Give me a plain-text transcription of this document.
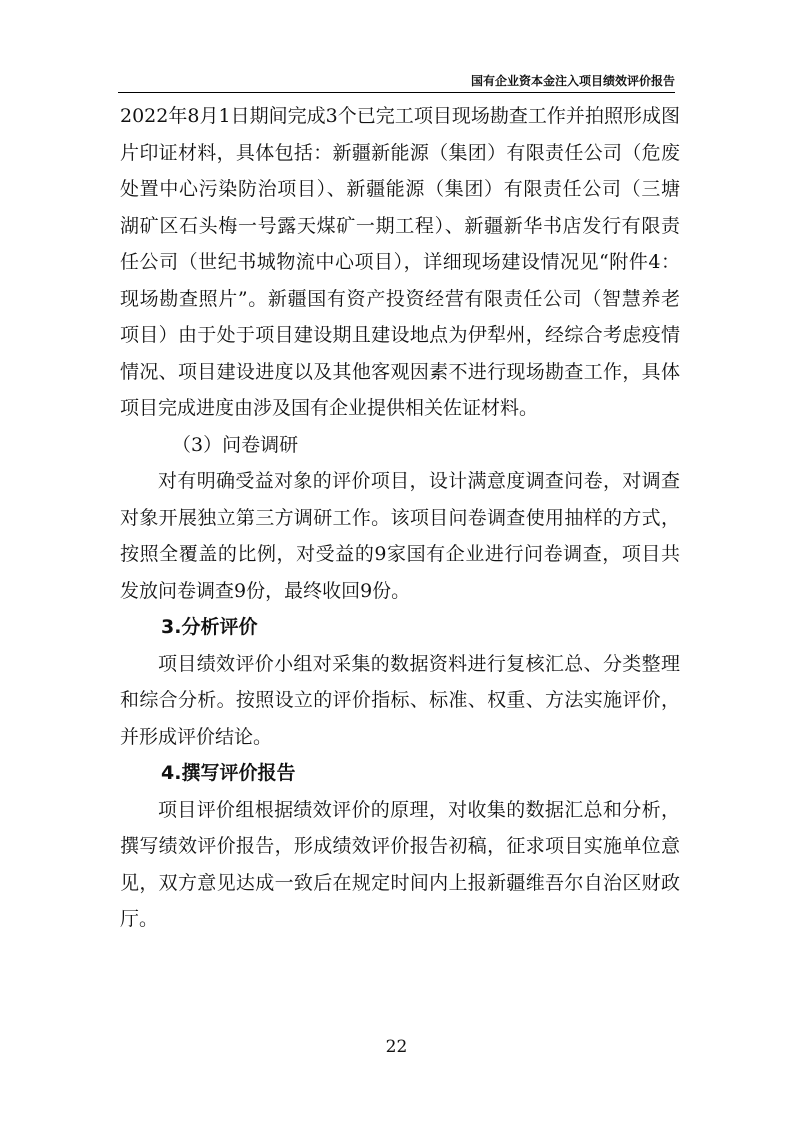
国有企业资本金注入项目绩效评价报告

2022年8月1日期间完成3个已完工项目现场勘查工作并拍照形成图片印证材料，具体包括：新疆新能源（集团）有限责任公司（危废处置中心污染防治项目）、新疆能源（集团）有限责任公司（三塘湖矿区石头梅一号露天煤矿一期工程）、新疆新华书店发行有限责任公司（世纪书城物流中心项目），详细现场建设情况见“附件4：现场勘查照片”。新疆国有资产投资经营有限责任公司（智慧养老项目）由于处于项目建设期且建设地点为伊犁州，经综合考虑疫情情况、项目建设进度以及其他客观因素不进行现场勘查工作，具体项目完成进度由涉及国有企业提供相关佐证材料。

（3）问卷调研

对有明确受益对象的评价项目，设计满意度调查问卷，对调查对象开展独立第三方调研工作。该项目问卷调查使用抽样的方式，按照全覆盖的比例，对受益的9家国有企业进行问卷调查，项目共发放问卷调查9份，最终收回9份。

3.分析评价

项目绩效评价小组对采集的数据资料进行复核汇总、分类整理和综合分析。按照设立的评价指标、标准、权重、方法实施评价，并形成评价结论。

4.撰写评价报告

项目评价组根据绩效评价的原理，对收集的数据汇总和分析，撰写绩效评价报告，形成绩效评价报告初稿，征求项目实施单位意见，双方意见达成一致后在规定时间内上报新疆维吾尔自治区财政厅。

22
